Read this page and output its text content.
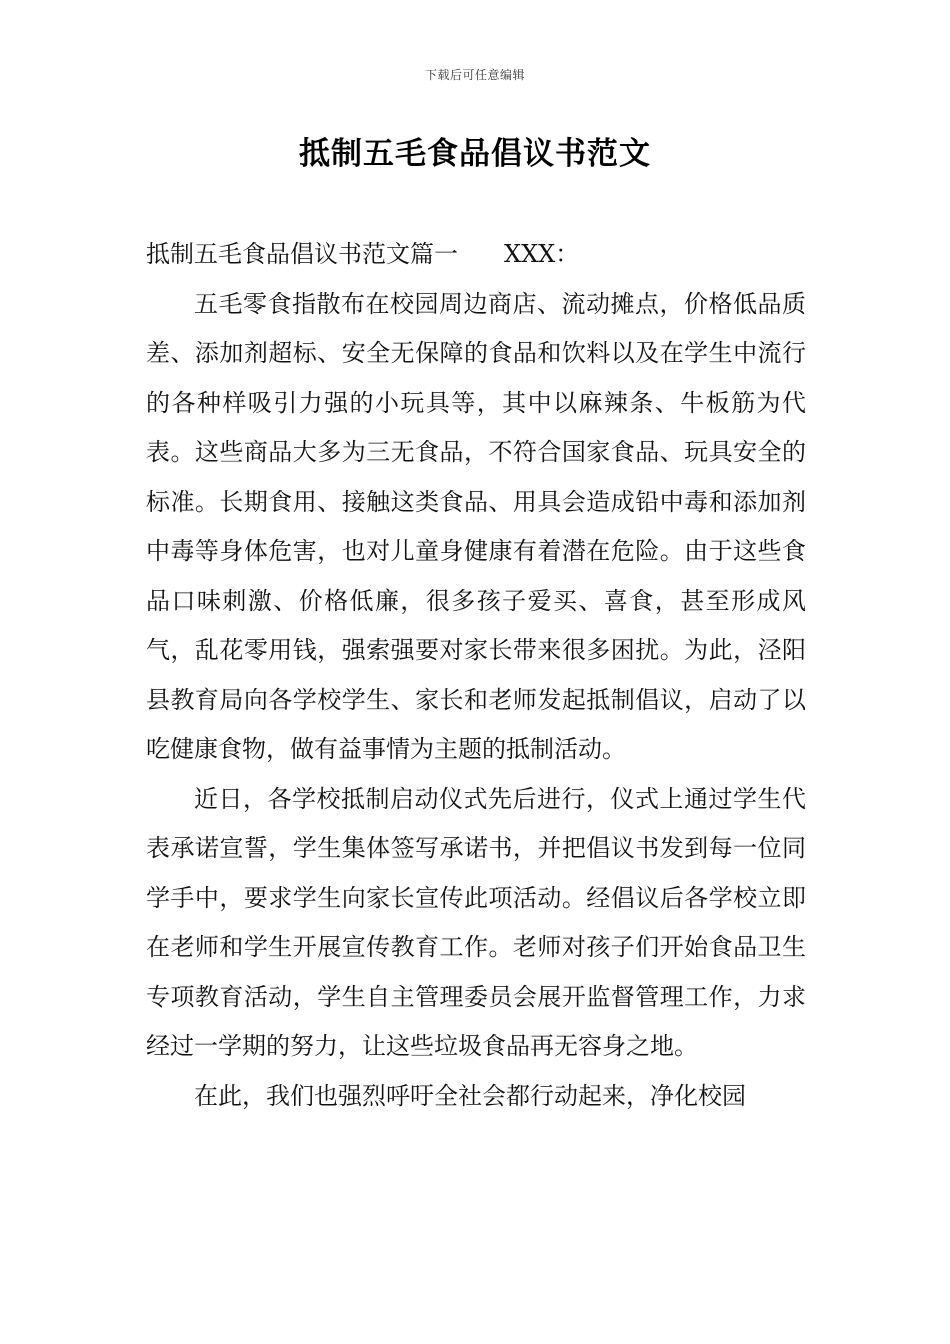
下载后可任意编辑
抵制五毛食品倡议书范文
抵制五毛食品倡议书范文篇一 XXX：

五毛零食指散布在校园周边商店、流动摊点，价格低品质差、添加剂超标、安全无保障的食品和饮料以及在学生中流行的各种样吸引力强的小玩具等，其中以麻辣条、牛板筋为代表。这些商品大多为三无食品，不符合国家食品、玩具安全的标准。长期食用、接触这类食品、用具会造成铅中毒和添加剂中毒等身体危害，也对儿童身健康有着潜在危险。由于这些食品口味刺激、价格低廉，很多孩子爱买、喜食，甚至形成风气，乱花零用钱，强索强要对家长带来很多困扰。为此，泾阳县教育局向各学校学生、家长和老师发起抵制倡议，启动了以吃健康食物，做有益事情为主题的抵制活动。

近日，各学校抵制启动仪式先后进行，仪式上通过学生代表承诺宣誓，学生集体签写承诺书，并把倡议书发到每一位同学手中，要求学生向家长宣传此项活动。经倡议后各学校立即在老师和学生开展宣传教育工作。老师对孩子们开始食品卫生专项教育活动，学生自主管理委员会展开监督管理工作，力求经过一学期的努力，让这些垃圾食品再无容身之地。

在此，我们也强烈呼吁全社会都行动起来，净化校园
